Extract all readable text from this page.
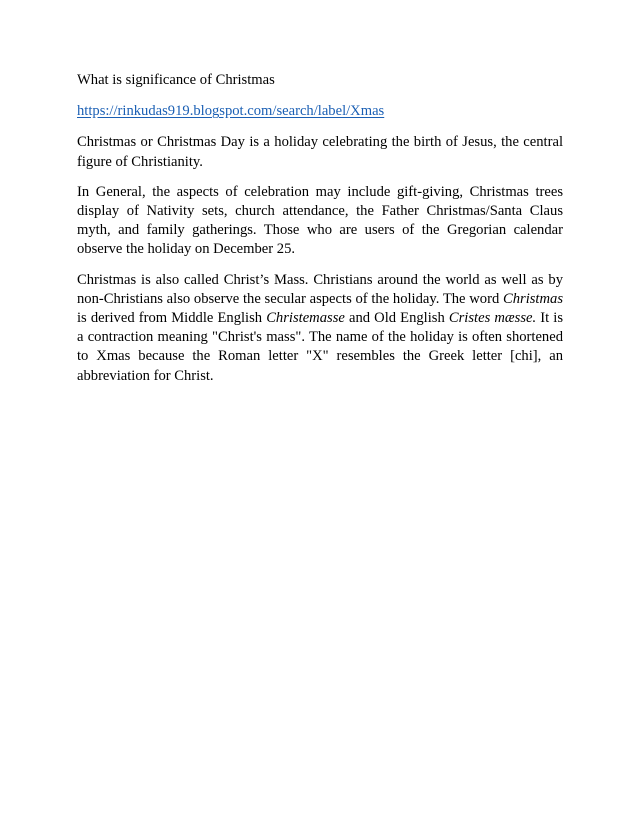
What is significance of Christmas

https://rinkudas919.blogspot.com/search/label/Xmas

Christmas or Christmas Day is a holiday celebrating the birth of Jesus, the central figure of Christianity.

In General, the aspects of celebration may include gift-giving, Christmas trees display of Nativity sets, church attendance, the Father Christmas/Santa Claus myth, and family gatherings. Those who are users of the Gregorian calendar observe the holiday on December 25.

Christmas is also called Christ’s Mass. Christians around the world as well as by non-Christians also observe the secular aspects of the holiday. The word Christmas is derived from Middle English Christemasse and Old English Cristes mæsse. It is a contraction meaning "Christ's mass". The name of the holiday is often shortened to Xmas because the Roman letter "X" resembles the Greek letter [chi], an abbreviation for Christ.
